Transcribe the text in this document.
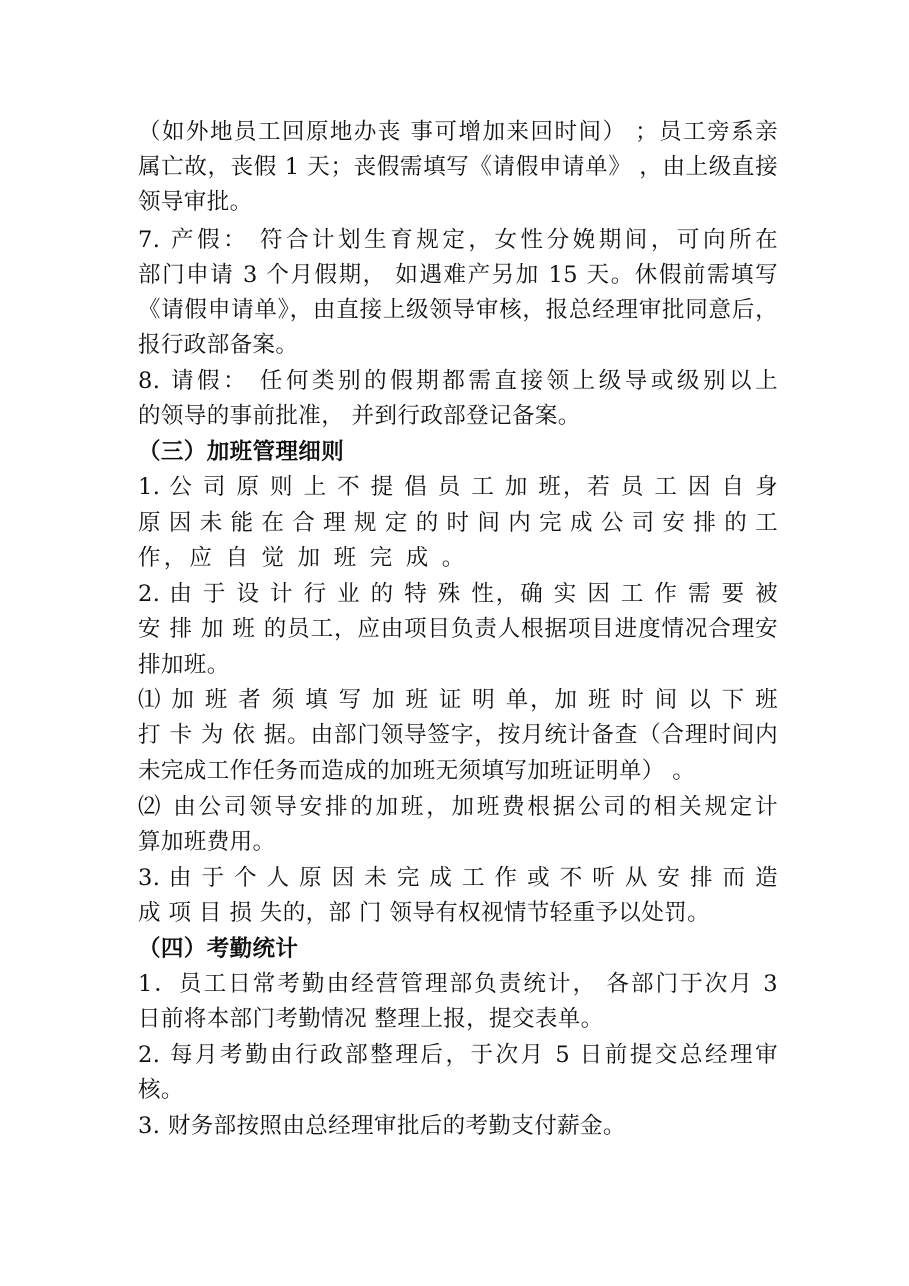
（如外地员工回原地办丧 事可增加来回时间） ；员工旁系亲
属亡故，丧假 1 天；丧假需填写《请假申请单》 ，由上级直接
领导审批。
7. 产假： 符合计划生育规定，女性分娩期间，可向所在
部门申请 3 个月假期， 如遇难产另加 15 天。休假前需填写
《请假申请单》，由直接上级领导审核，报总经理审批同意后，
报行政部备案。
8. 请假： 任何类别的假期都需直接领上级导或级别以上
的领导的事前批准， 并到行政部登记备案。
（三）加班管理细则
1. 公 司 原 则 上 不 提 倡 员 工 加 班，若 员 工 因 自 身
原 因 未 能 在 合 理 规 定 的 时 间 内 完 成 公 司 安 排 的 工
作，应 自 觉 加 班 完 成 。
2. 由 于 设 计 行 业 的 特 殊 性，确 实 因 工 作 需 要 被
安 排 加 班 的员工，应由项目负责人根据项目进度情况合理安
排加班。
⑴ 加 班 者 须 填 写 加 班 证 明 单，加 班 时 间 以 下 班
打 卡 为 依 据。由部门领导签字，按月统计备查（合理时间内
未完成工作任务而造成的加班无须填写加班证明单） 。
⑵ 由公司领导安排的加班，加班费根据公司的相关规定计
算加班费用。
3. 由 于 个 人 原 因 未 完 成 工 作 或 不 听 从 安 排 而 造
成 项 目 损 失的，部 门 领导有权视情节轻重予以处罚。
（四）考勤统计
1．员工日常考勤由经营管理部负责统计， 各部门于次月 3
日前将本部门考勤情况 整理上报，提交表单。
2. 每月考勤由行政部整理后，于次月 5 日前提交总经理审
核。
3. 财务部按照由总经理审批后的考勤支付薪金。
